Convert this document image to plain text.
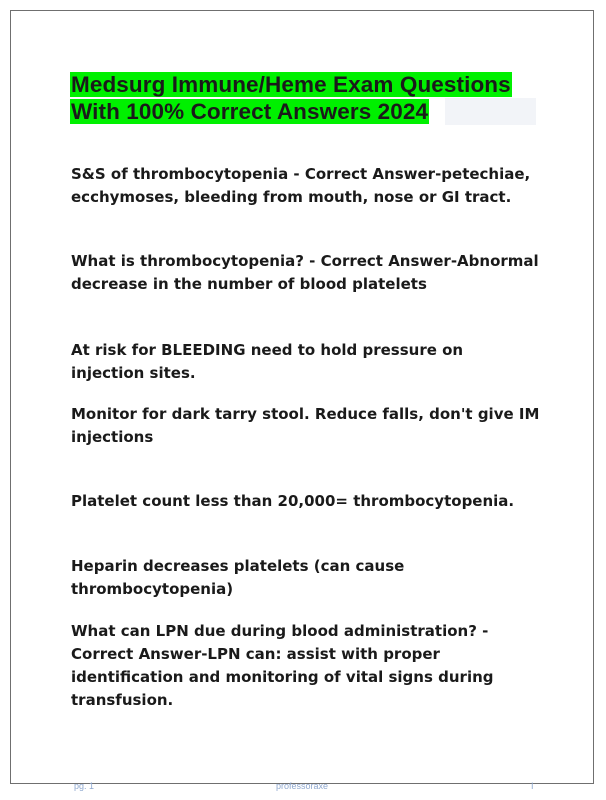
Medsurg Immune/Heme Exam Questions
With 100% Correct Answers 2024

S&S of thrombocytopenia - Correct Answer-petechiae, ecchymoses, bleeding from mouth, nose or GI tract.

What is thrombocytopenia? - Correct Answer-Abnormal decrease in the number of blood platelets

At risk for BLEEDING need to hold pressure on injection sites.

Monitor for dark tarry stool. Reduce falls, don't give IM injections

Platelet count less than 20,000= thrombocytopenia.

Heparin decreases platelets (can cause thrombocytopenia)

What can LPN due during blood administration? - Correct Answer-LPN can: assist with proper identification and monitoring of vital signs during transfusion.

pg. 1	professoraxe	I
